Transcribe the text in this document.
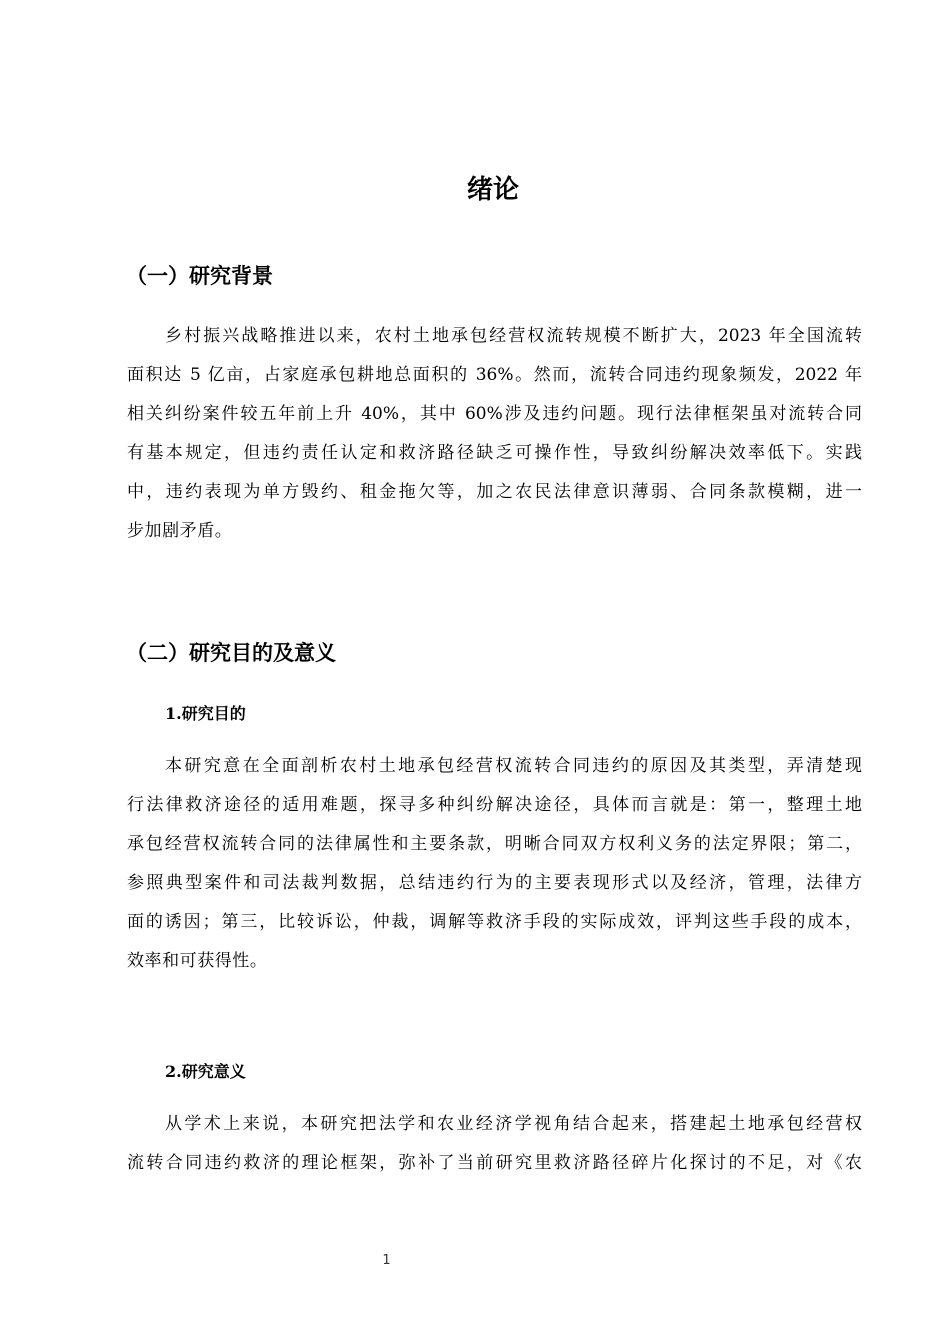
绪论
（一）研究背景
乡村振兴战略推进以来，农村土地承包经营权流转规模不断扩大，2023 年全国流转
面积达 5 亿亩，占家庭承包耕地总面积的 36%。然而，流转合同违约现象频发，2022 年
相关纠纷案件较五年前上升 40%，其中 60%涉及违约问题。现行法律框架虽对流转合同
有基本规定，但违约责任认定和救济路径缺乏可操作性，导致纠纷解决效率低下。实践
中，违约表现为单方毁约、租金拖欠等，加之农民法律意识薄弱、合同条款模糊，进一
步加剧矛盾。
（二）研究目的及意义
1.研究目的
本研究意在全面剖析农村土地承包经营权流转合同违约的原因及其类型，弄清楚现
行法律救济途径的适用难题，探寻多种纠纷解决途径，具体而言就是：第一，整理土地
承包经营权流转合同的法律属性和主要条款，明晰合同双方权利义务的法定界限；第二，
参照典型案件和司法裁判数据，总结违约行为的主要表现形式以及经济，管理，法律方
面的诱因；第三，比较诉讼，仲裁，调解等救济手段的实际成效，评判这些手段的成本，
效率和可获得性。
2.研究意义
从学术上来说，本研究把法学和农业经济学视角结合起来，搭建起土地承包经营权
流转合同违约救济的理论框架，弥补了当前研究里救济路径碎片化探讨的不足，对《农
1
